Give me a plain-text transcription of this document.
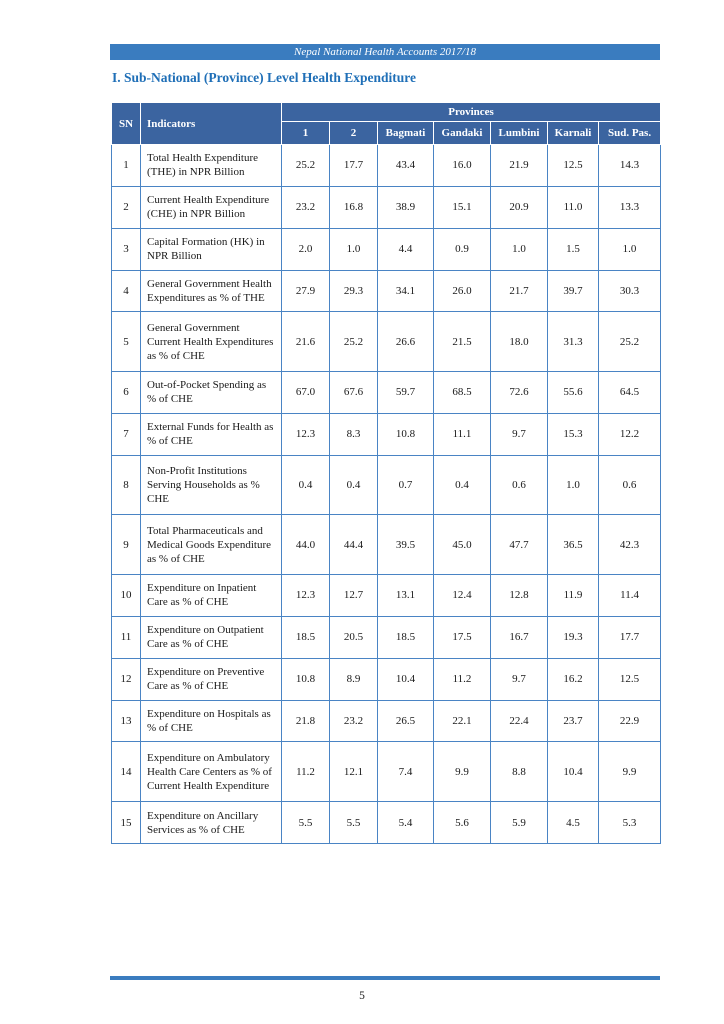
Nepal National Health Accounts 2017/18
I. Sub-National (Province) Level Health Expenditure
SN	Indicators	Provinces						
		1	2	Bagmati	Gandaki	Lumbini	Karnali	Sud. Pas.
1	Total Health Expenditure (THE) in NPR Billion	25.2	17.7	43.4	16.0	21.9	12.5	14.3
2	Current Health Expenditure (CHE) in NPR Billion	23.2	16.8	38.9	15.1	20.9	11.0	13.3
3	Capital Formation (HK) in NPR Billion	2.0	1.0	4.4	0.9	1.0	1.5	1.0
4	General Government Health Expenditures as % of THE	27.9	29.3	34.1	26.0	21.7	39.7	30.3
5	General Government Current Health Expenditures as % of CHE	21.6	25.2	26.6	21.5	18.0	31.3	25.2
6	Out-of-Pocket Spending as % of CHE	67.0	67.6	59.7	68.5	72.6	55.6	64.5
7	External Funds for Health as % of CHE	12.3	8.3	10.8	11.1	9.7	15.3	12.2
8	Non-Profit Institutions Serving Households as % CHE	0.4	0.4	0.7	0.4	0.6	1.0	0.6
9	Total Pharmaceuticals and Medical Goods Expenditure as % of CHE	44.0	44.4	39.5	45.0	47.7	36.5	42.3
10	Expenditure on Inpatient Care as % of CHE	12.3	12.7	13.1	12.4	12.8	11.9	11.4
11	Expenditure on Outpatient Care as % of CHE	18.5	20.5	18.5	17.5	16.7	19.3	17.7
12	Expenditure on Preventive Care as % of CHE	10.8	8.9	10.4	11.2	9.7	16.2	12.5
13	Expenditure on Hospitals as % of CHE	21.8	23.2	26.5	22.1	22.4	23.7	22.9
14	Expenditure on Ambulatory Health Care Centers as % of Current Health Expenditure	11.2	12.1	7.4	9.9	8.8	10.4	9.9
15	Expenditure on Ancillary Services as % of CHE	5.5	5.5	5.4	5.6	5.9	4.5	5.3
5
